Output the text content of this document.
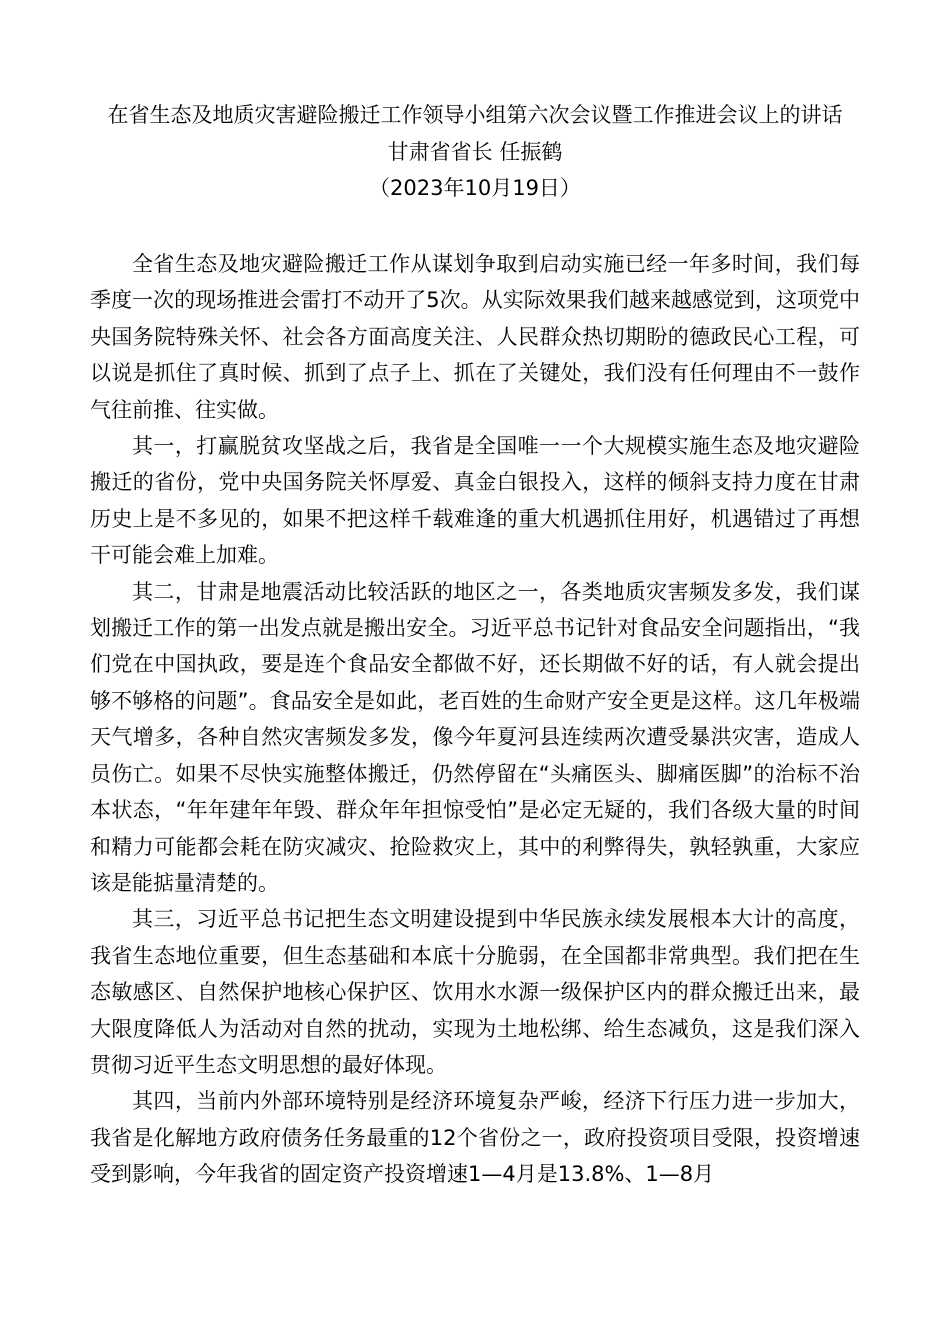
在省生态及地质灾害避险搬迁工作领导小组第六次会议暨工作推进会议上的讲话

甘肃省省长 任振鹤

（2023年10月19日）

全省生态及地灾避险搬迁工作从谋划争取到启动实施已经一年多时间，我们每季度一次的现场推进会雷打不动开了5次。从实际效果我们越来越感觉到，这项党中央国务院特殊关怀、社会各方面高度关注、人民群众热切期盼的德政民心工程，可以说是抓住了真时候、抓到了点子上、抓在了关键处，我们没有任何理由不一鼓作气往前推、往实做。

其一，打赢脱贫攻坚战之后，我省是全国唯一一个大规模实施生态及地灾避险搬迁的省份，党中央国务院关怀厚爱、真金白银投入，这样的倾斜支持力度在甘肃历史上是不多见的，如果不把这样千载难逢的重大机遇抓住用好，机遇错过了再想干可能会难上加难。

其二，甘肃是地震活动比较活跃的地区之一，各类地质灾害频发多发，我们谋划搬迁工作的第一出发点就是搬出安全。习近平总书记针对食品安全问题指出，“我们党在中国执政，要是连个食品安全都做不好，还长期做不好的话，有人就会提出够不够格的问题”。食品安全是如此，老百姓的生命财产安全更是这样。这几年极端天气增多，各种自然灾害频发多发，像今年夏河县连续两次遭受暴洪灾害，造成人员伤亡。如果不尽快实施整体搬迁，仍然停留在“头痛医头、脚痛医脚”的治标不治本状态，“年年建年年毁、群众年年担惊受怕”是必定无疑的，我们各级大量的时间和精力可能都会耗在防灾减灾、抢险救灾上，其中的利弊得失，孰轻孰重，大家应该是能掂量清楚的。

其三，习近平总书记把生态文明建设提到中华民族永续发展根本大计的高度，我省生态地位重要，但生态基础和本底十分脆弱，在全国都非常典型。我们把在生态敏感区、自然保护地核心保护区、饮用水水源一级保护区内的群众搬迁出来，最大限度降低人为活动对自然的扰动，实现为土地松绑、给生态减负，这是我们深入贯彻习近平生态文明思想的最好体现。

其四，当前内外部环境特别是经济环境复杂严峻，经济下行压力进一步加大，我省是化解地方政府债务任务最重的12个省份之一，政府投资项目受限，投资增速受到影响，今年我省的固定资产投资增速1—4月是13.8%、1—8月
